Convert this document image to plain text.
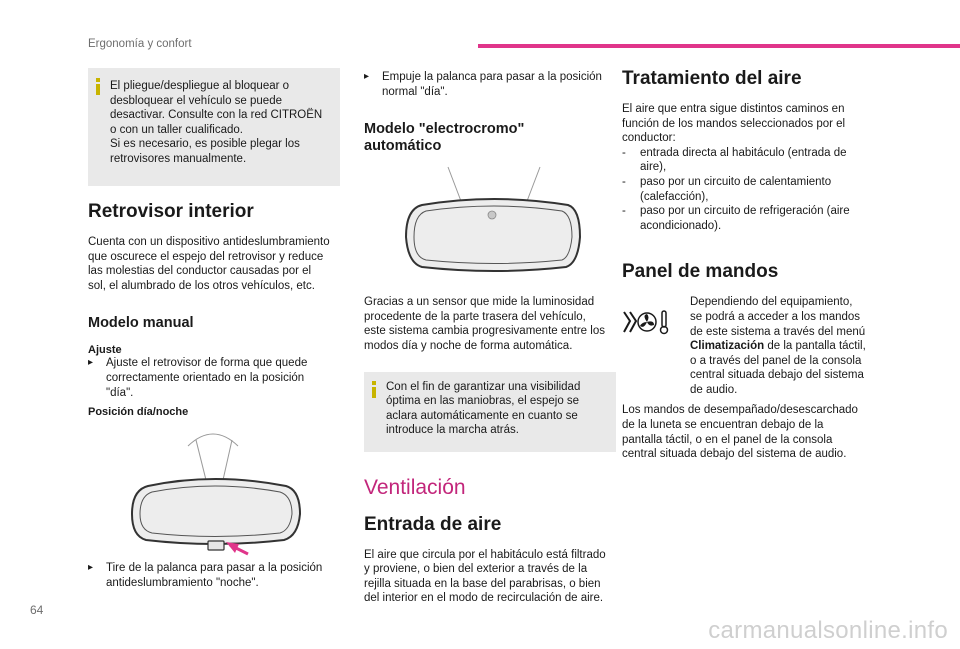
Ergonomía y confort
El pliegue/despliegue al bloquear o
desbloquear el vehículo se puede
desactivar. Consulte con la red CITROËN
o con un taller cualificado.
Si es necesario, es posible plegar los
retrovisores manualmente.
Retrovisor interior
Cuenta con un dispositivo antideslumbramiento
que oscurece el espejo del retrovisor y reduce
las molestias del conductor causadas por el
sol, el alumbrado de los otros vehículos, etc.
Modelo manual
Ajuste
▸ Ajuste el retrovisor de forma que quede
correctamente orientado en la posición
"día".
Posición día/noche
▸ Tire de la palanca para pasar a la posición
antideslumbramiento "noche".
▸ Empuje la palanca para pasar a la posición
normal "día".
Modelo "electrocromo"
automático
Gracias a un sensor que mide la luminosidad
procedente de la parte trasera del vehículo,
este sistema cambia progresivamente entre los
modos día y noche de forma automática.
Con el fin de garantizar una visibilidad
óptima en las maniobras, el espejo se
aclara automáticamente en cuanto se
introduce la marcha atrás.
Ventilación
Entrada de aire
El aire que circula por el habitáculo está filtrado
y proviene, o bien del exterior a través de la
rejilla situada en la base del parabrisas, o bien
del interior en el modo de recirculación de aire.
Tratamiento del aire
El aire que entra sigue distintos caminos en
función de los mandos seleccionados por el
conductor:
- entrada directa al habitáculo (entrada de
aire),
- paso por un circuito de calentamiento
(calefacción),
- paso por un circuito de refrigeración (aire
acondicionado).
Panel de mandos
Dependiendo del equipamiento,
se podrá a acceder a los mandos
de este sistema a través del menú
Climatización de la pantalla táctil,
o a través del panel de la consola
central situada debajo del sistema
de audio.
Los mandos de desempañado/desescarchado
de la luneta se encuentran debajo de la
pantalla táctil, o en el panel de la consola
central situada debajo del sistema de audio.
64
carmanualsonline.info
